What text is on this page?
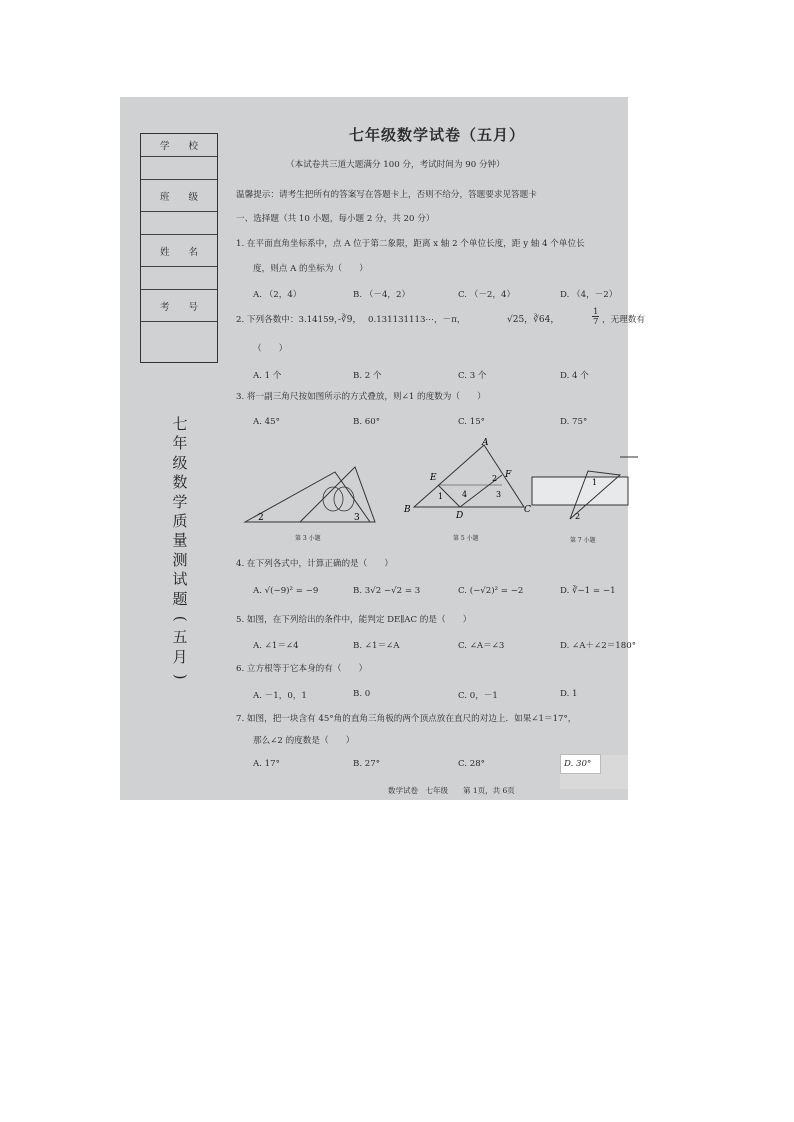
学　　校
班　　级
姓　　名
考　　号
七
年
级
数
学
质
量
测
试
题
(
五
月
)
七年级数学试卷（五月）
（本试卷共三道大题满分 100 分，考试时间为 90 分钟）
温馨提示：请考生把所有的答案写在答题卡上，否则不给分，答题要求见答题卡
一、选择题（共 10 小题，每小题 2 分，共 20 分）
1. 在平面直角坐标系中，点 A 位于第二象限，距离 x 轴 2 个单位长度，距 y 轴 4 个单位长
度，则点 A 的坐标为（　　）
A. （2，4）	B. （－4，2）	C. （－2，4）	D. （4，－2）
2. 下列各数中：3.14159，
-∛9， 0.131131113⋯，－π，	√25，∛64，
1
7 ，无理数有
（　　）
A. 1 个	B. 2 个	C. 3 个	D. 4 个
3. 将一副三角尺按如图所示的方式叠放，则∠1 的度数为（　　）
A. 45°	B. 60°	C. 15°	D. 75°
2	3
第 3 小题
A
B	C
D
E	F
1
2
4	3
第 5 小题
2
1
第 7 小题
4. 在下列各式中，计算正确的是（　　）
A. √(−9)² = −9	B. 3√2 −√2 = 3	C. (−√2)² = −2	D. ∛−1 = −1
5. 如图，在下列给出的条件中，能判定 DE∥AC 的是（　　）
A. ∠1＝∠4	B. ∠1＝∠A	C. ∠A＝∠3	D. ∠A＋∠2＝180°
6. 立方根等于它本身的有（　　）
A. －1，0，1	B. 0	C. 0，－1	D. 1
7. 如图，把一块含有 45°角的直角三角板的两个顶点放在直尺的对边上．如果∠1＝17°，
那么∠2 的度数是（　　）
A. 17°	B. 27°	C. 28°	D. 30°
数学试卷　七年级　　第 1页，共 6页
